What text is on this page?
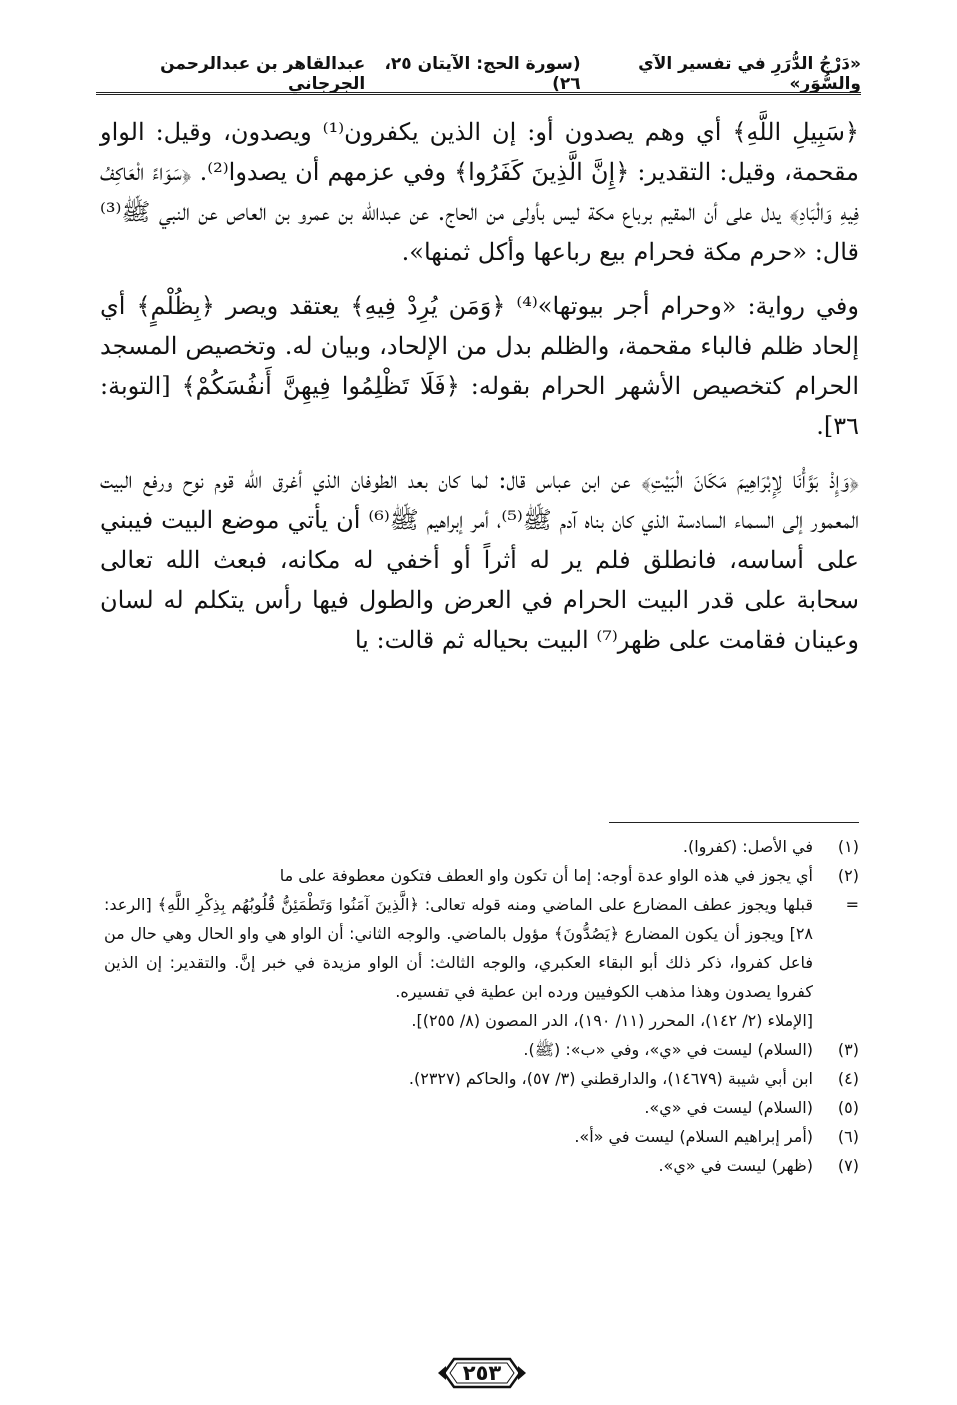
«دَرْجُ الدُّرَرِ في تفسير الآي والسُّوَر»
(سورة الحج: الآيتان ٢٥، ٢٦)
عبدالقاهر بن عبدالرحمن الجرجاني

﴿سَبِيلِ اللَّهِ﴾ أي وهم يصدون أو: إن الذين يكفرون⁽¹⁾ ويصدون، وقيل: الواو مقحمة، وقيل: التقدير: ﴿إِنَّ الَّذِينَ كَفَرُوا﴾ وفي عزمهم أن يصدوا⁽²⁾. ﴿سَوَاءً الْعَاكِفُ فِيهِ وَالْبَادِ﴾ يدل على أن المقيم برباع مكة ليس بأولى من الحاج. عن عبدالله بن عمرو بن العاص عن النبي ﷺ⁽³⁾ قال: «حرم مكة فحرام بيع رباعها وأكل ثمنها».

وفي رواية: «وحرام أجر بيوتها»⁽⁴⁾ ﴿وَمَن يُرِدْ فِيهِ﴾ يعتقد ويصر ﴿بِظُلْمٍ﴾ أي إلحاد ظلم فالباء مقحمة، والظلم بدل من الإلحاد، وبيان له. وتخصيص المسجد الحرام كتخصيص الأشهر الحرام بقوله: ﴿فَلَا تَظْلِمُوا فِيهِنَّ أَنفُسَكُمْ﴾ [التوبة: ٣٦].

﴿وَإِذْ بَوَّأْنَا لِإِبْرَاهِيمَ مَكَانَ الْبَيْتِ﴾ عن ابن عباس قال: لما كان بعد الطوفان الذي أغرق الله قوم نوح ورفع البيت المعمور إلى السماء السادسة الذي كان بناه آدم ﷺ⁽⁵⁾، أمر إبراهيم ﷺ⁽⁶⁾ أن يأتي موضع البيت فيبني على أساسه، فانطلق فلم ير له أثراً أو أخفي له مكانه، فبعث الله تعالى سحابة على قدر البيت الحرام في العرض والطول فيها رأس يتكلم له لسان وعينان فقامت على ظهر⁽⁷⁾ البيت بحياله ثم قالت: يا

(١)
في الأصل: (كفروا).
(٢)
أي يجوز في هذه الواو عدة أوجه: إما أن تكون واو العطف فتكون معطوفة على ما
=
قبلها ويجوز عطف المضارع على الماضي ومنه قوله تعالى: ﴿الَّذِينَ آمَنُوا وَتَطْمَئِنُّ قُلُوبُهُم بِذِكْرِ اللَّهِ﴾ [الرعد: ٢٨] ويجوز أن يكون المضارع ﴿يَصُدُّونَ﴾ مؤول بالماضي. والوجه الثاني: أن الواو هي واو الحال وهي حال من فاعل كفروا، ذكر ذلك أبو البقاء العكبري، والوجه الثالث: أن الواو مزيدة في خبر إنَّ. والتقدير: إن الذين كفروا يصدون وهذا مذهب الكوفيين ورده ابن عطية في تفسيره.
[الإملاء (٢/ ١٤٢)، المحرر (١١/ ١٩٠)، الدر المصون (٨/ ٢٥٥)].
(٣)
(السلام) ليست في «ي»، وفي «ب»: (ﷺ).
(٤)
ابن أبي شيبة (١٤٦٧٩)، والدارقطني (٣/ ٥٧)، والحاكم (٢٣٢٧).
(٥)
(السلام) ليست في «ي».
(٦)
(أمر إبراهيم السلام) ليست في «أ».
(٧)
(ظهر) ليست في «ي».
٢٥٣
